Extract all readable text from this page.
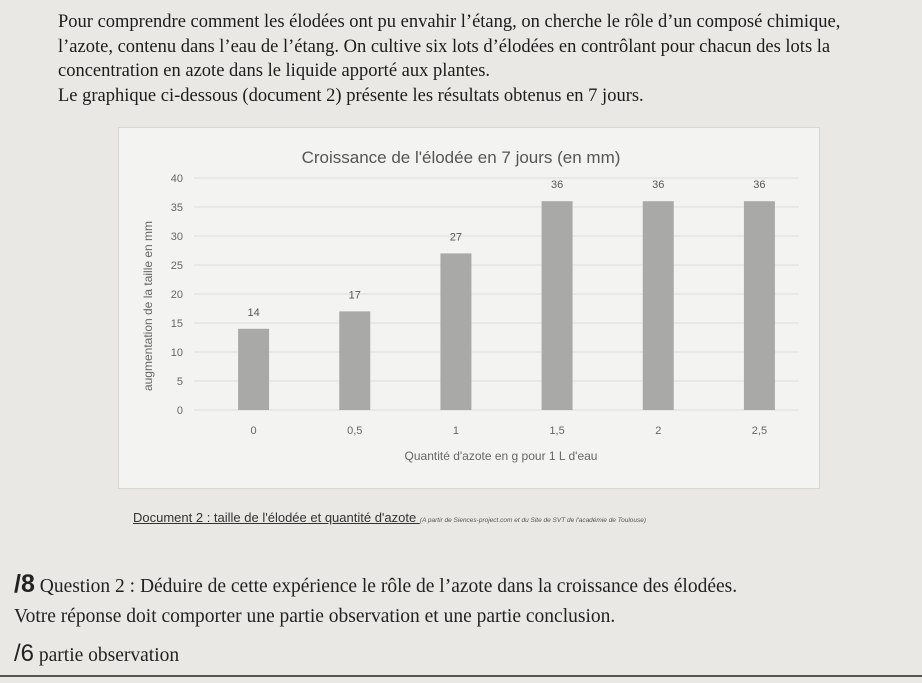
Pour comprendre comment les élodées ont pu envahir l’étang, on cherche le rôle d’un composé chimique, l’azote, contenu dans l’eau de l’étang. On cultive six lots d’élodées en contrôlant pour chacun des lots la concentration en azote dans le liquide apporté aux plantes.

Le graphique ci-dessous (document 2) présente les résultats obtenus en 7 jours.

Croissance de l'élodée en 7 jours (en mm)
0
5
10
15
20
25
30
35
40
14
17
27
36	36	36
0	0,5	1	1,5	2	2,5
Quantité d'azote en g pour 1 L d'eau
augmentation de la taille en mm
Document 2 : taille de l'élodée et quantité d'azote (A partir de Siences-project.com et du Site de SVT de l'académie de Toulouse)

/8 Question 2 : Déduire de cette expérience le rôle de l’azote dans la croissance des élodées.

Votre réponse doit comporter une partie observation et une partie conclusion.

/6 partie observation
